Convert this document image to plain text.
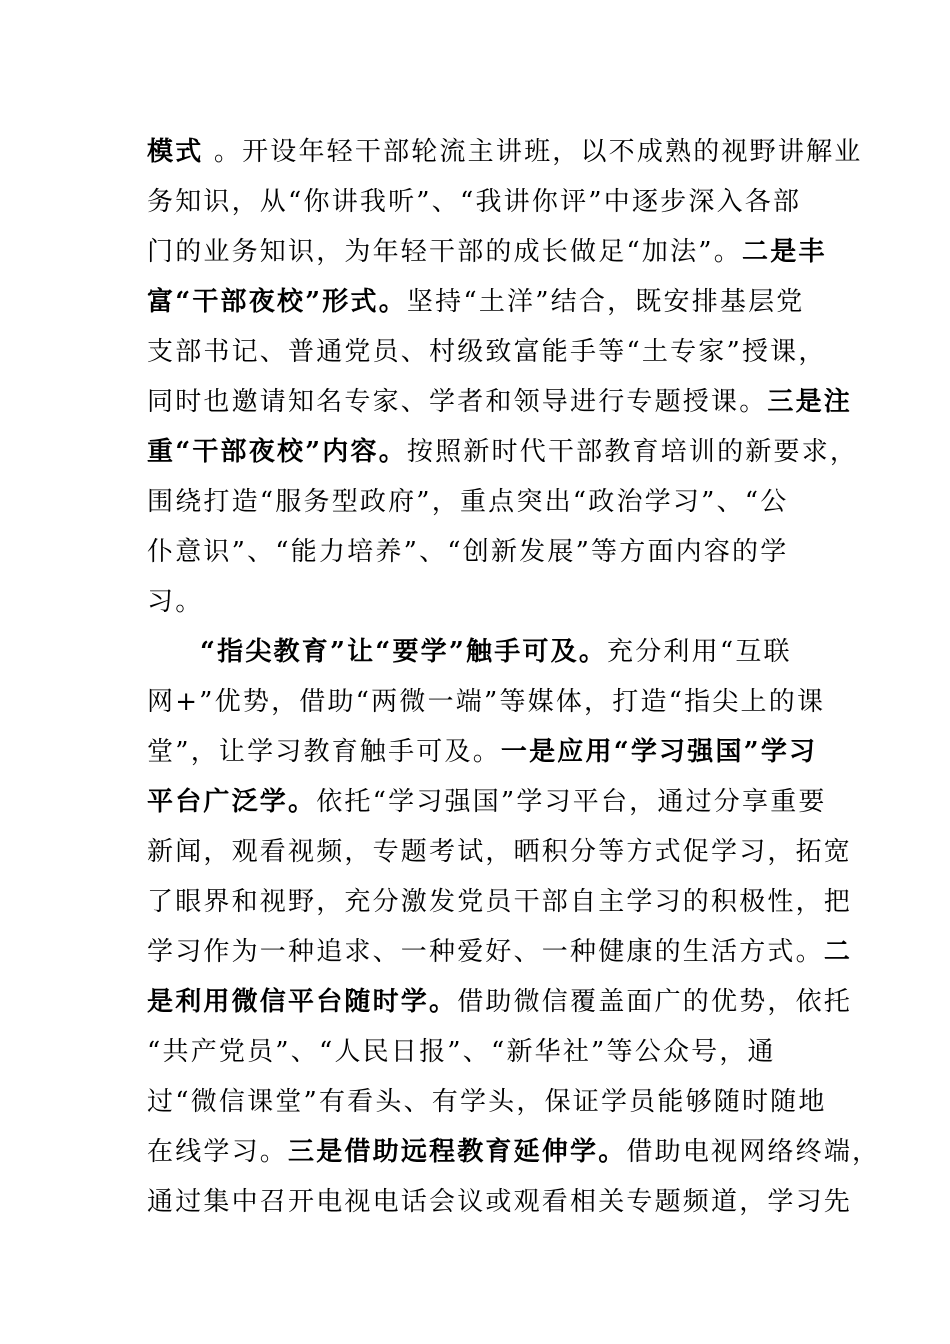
模式 。开设年轻干部轮流主讲班，以不成熟的视野讲解业
务知识，从“你讲我听”、“我讲你评”中逐步深入各部
门的业务知识，为年轻干部的成长做足“加法”。二是丰
富“干部夜校”形式。坚持“土洋”结合，既安排基层党
支部书记、普通党员、村级致富能手等“土专家”授课，
同时也邀请知名专家、学者和领导进行专题授课。三是注
重“干部夜校”内容。按照新时代干部教育培训的新要求，
围绕打造“服务型政府”，重点突出“政治学习”、“公
仆意识”、“能力培养”、“创新发展”等方面内容的学
习。
“指尖教育”让“要学”触手可及。充分利用“互联
网+”优势，借助“两微一端”等媒体，打造“指尖上的课
堂”，让学习教育触手可及。一是应用“学习强国”学习
平台广泛学。依托“学习强国”学习平台，通过分享重要
新闻，观看视频，专题考试，晒积分等方式促学习，拓宽
了眼界和视野，充分激发党员干部自主学习的积极性，把
学习作为一种追求、一种爱好、一种健康的生活方式。二
是利用微信平台随时学。借助微信覆盖面广的优势，依托
“共产党员”、“人民日报”、“新华社”等公众号，通
过“微信课堂”有看头、有学头，保证学员能够随时随地
在线学习。三是借助远程教育延伸学。借助电视网络终端，
通过集中召开电视电话会议或观看相关专题频道，学习先
